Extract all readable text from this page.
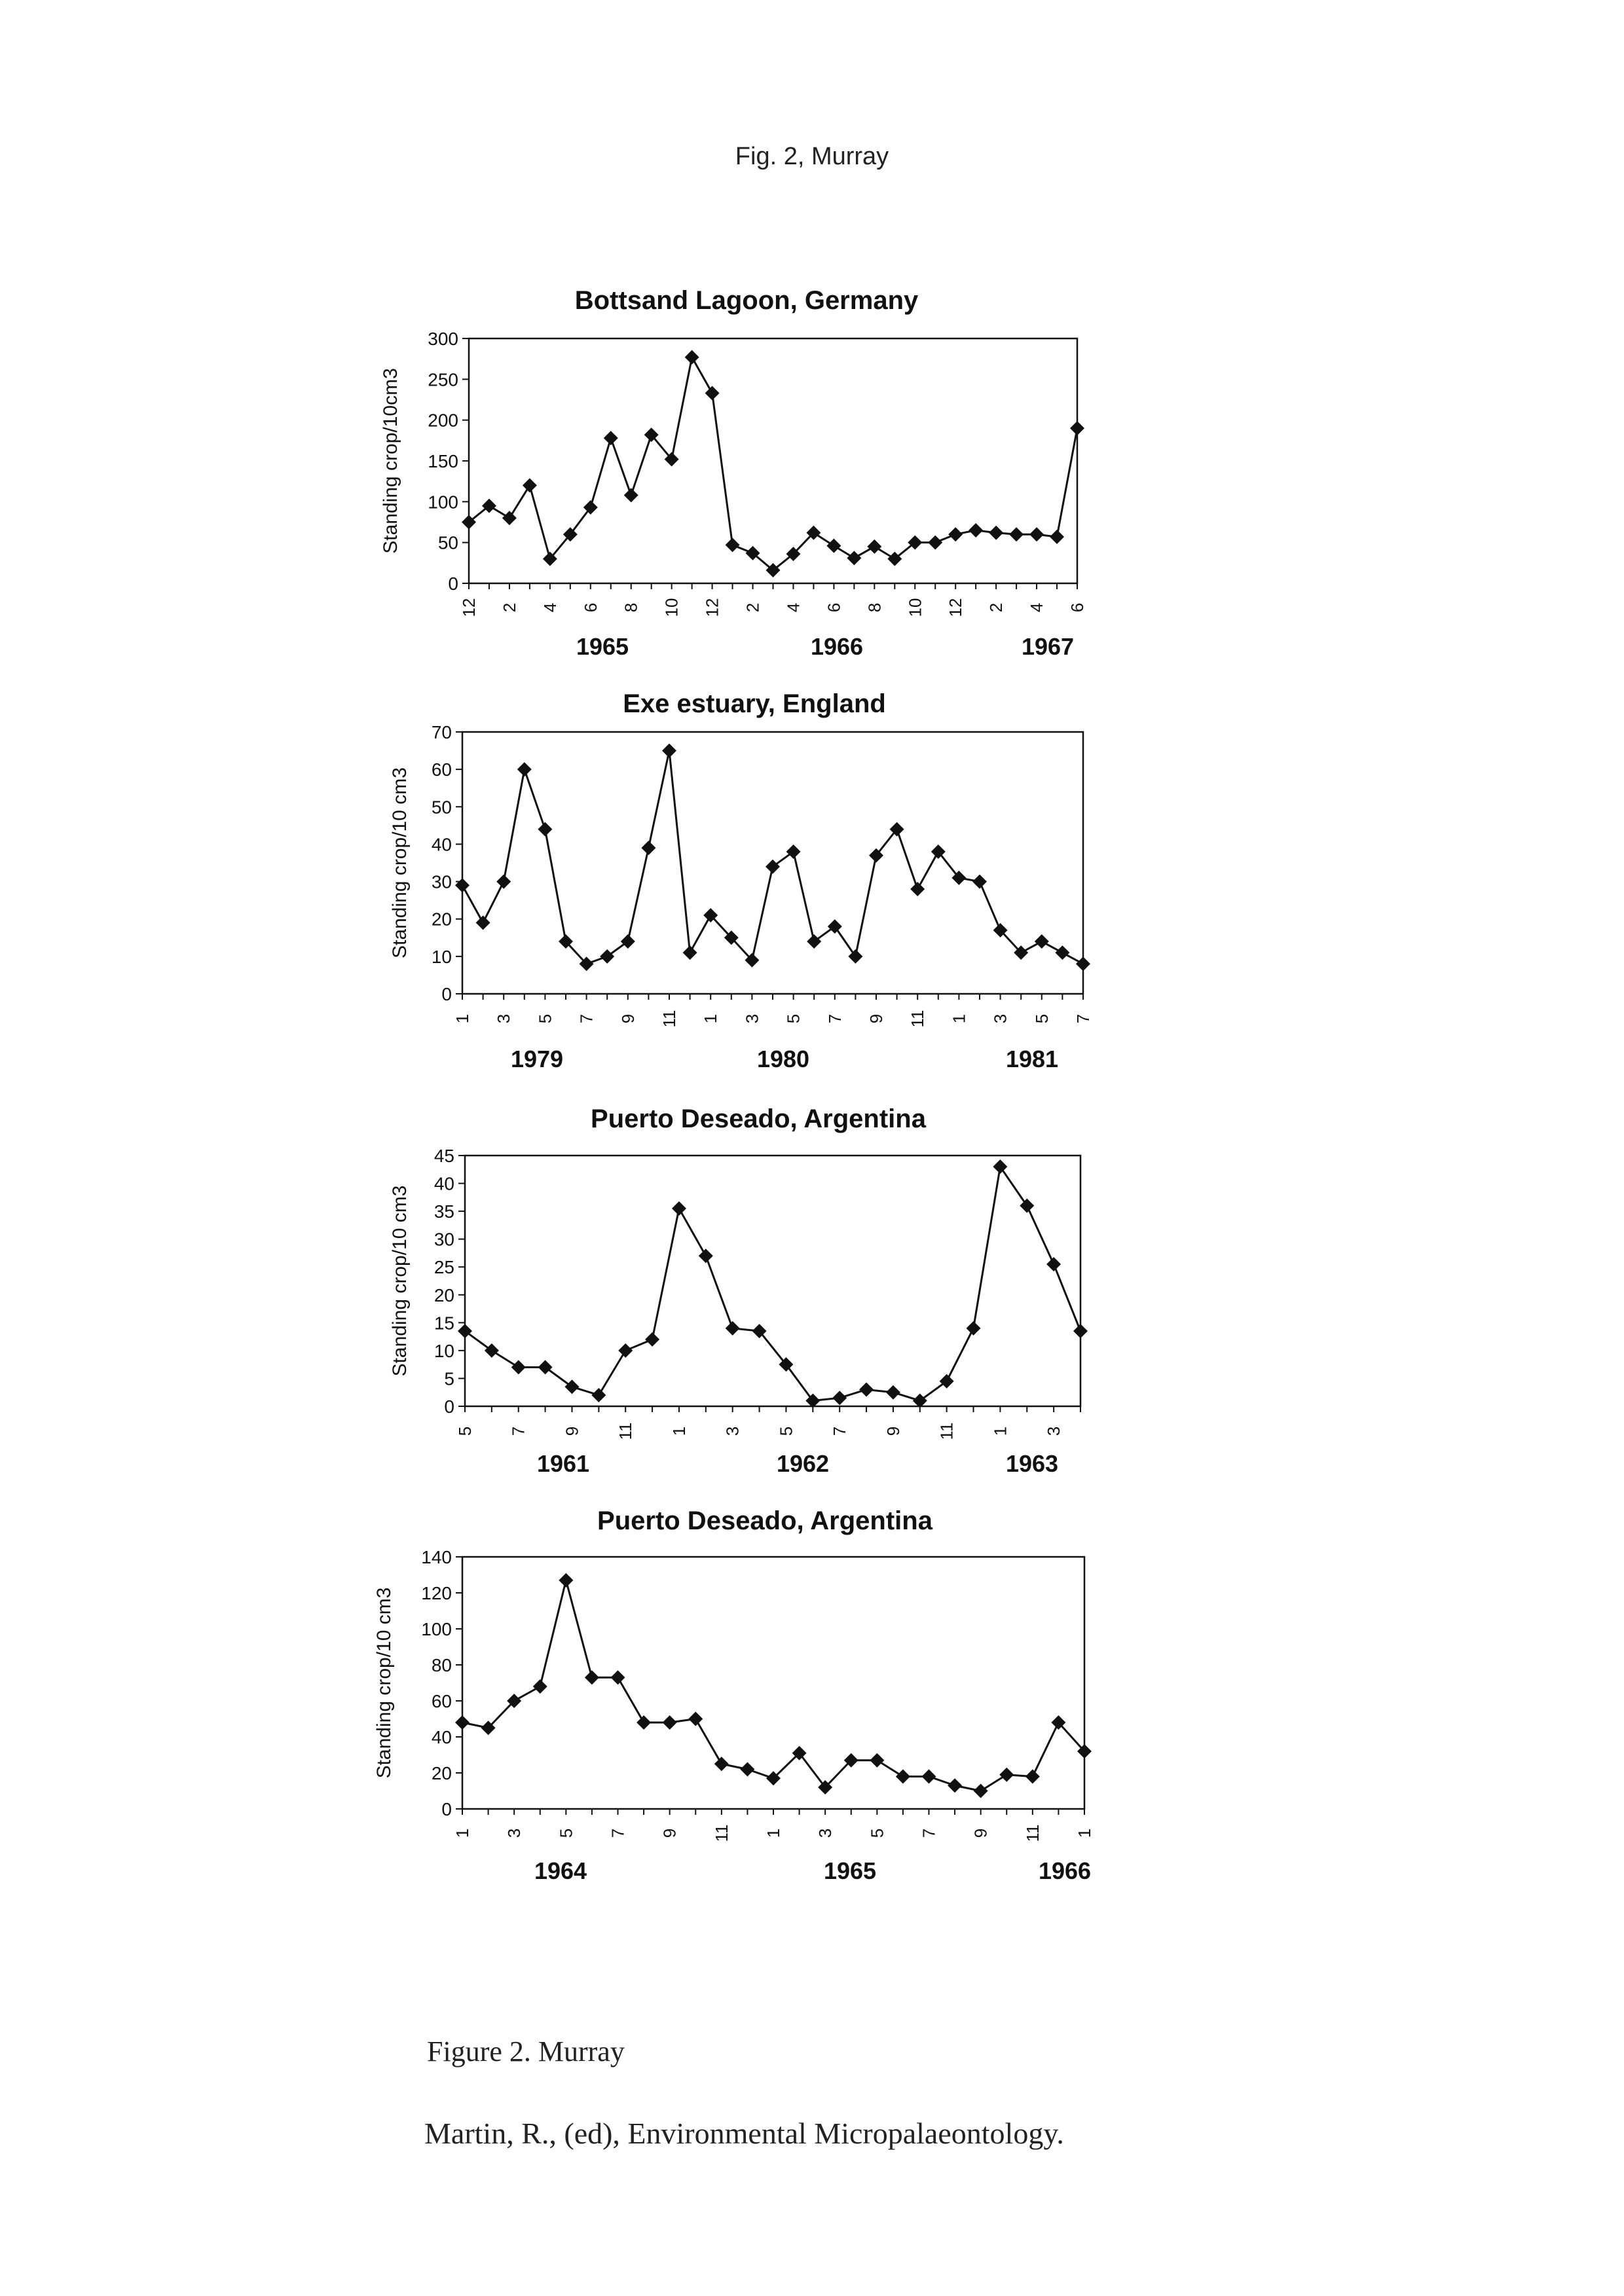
Fig. 2, Murray
Bottsand Lagoon, Germany
Standing crop/10cm3
0
50
100
150
200
250
300
12 2 4 6 8 10 12 2 4 6 8 10 12 2 4 6
1965	1966	1967
Exe estuary, England
Standing crop/10 cm3
0
10
20
30
40
50
60
70
1 3 5 7 9 11 1 3 5 7 9 11 1 3 5 7
1979	1980	1981
Puerto Deseado, Argentina
Standing crop/10 cm3
0
5
10
15
20
25
30
35
40
45
5 7 9 11 1 3 5 7 9 11 1 3
1961	1962	1963
Puerto Deseado, Argentina
Standing crop/10 cm3
0
20
40
60
80
100
120
140
1 3 5 7 9 11 1 3 5 7 9 11 1
1964	1965	1966
Figure 2. Murray
Martin, R., (ed), Environmental Micropalaeontology.
